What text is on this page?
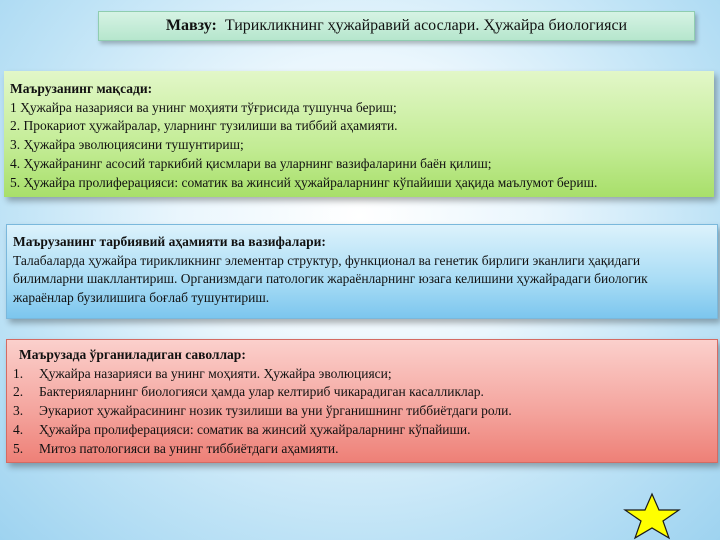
Мавзу: Тирикликнинг ҳужайравий асослари. Ҳужайра биологияси
Маърузанинг мақсади:
1 Ҳужайра назарияси ва унинг моҳияти тўғрисида тушунча бериш;
2. Прокариот ҳужайралар, уларнинг тузилиши ва тиббий аҳамияти.
3. Ҳужайра эволюциясини тушунтириш;
4. Ҳужайранинг асосий таркибий қисмлари ва уларнинг вазифаларини баён қилиш;
5. Ҳужайра пролиферацияси: соматик ва жинсий ҳужайраларнинг кўпайиши ҳақида маълумот бериш.
Маърузанинг тарбиявий аҳамияти ва вазифалари:
Талабаларда ҳужайра тирикликнинг элементар структур, функционал ва генетик бирлиги эканлиги ҳақидаги билимларни шакллантириш. Организмдаги патологик жараёнларнинг юзага келишини ҳужайрадаги биологик жараёнлар бузилишига боғлаб тушунтириш.
Маърузада ўрганиладиган саволлар:
1.	Ҳужайра назарияси ва унинг моҳияти. Ҳужайра эволюцияси;
2.	Бактерияларнинг биологияси ҳамда улар келтириб чикарадиган касалликлар.
3.	Эукариот ҳужайрасининг нозик тузилиши ва уни ўрганишнинг тиббиётдаги роли.
4.	Ҳужайра пролиферацияси: соматик ва жинсий ҳужайраларнинг кўпайиши.
5.	Митоз патологияси ва унинг тиббиётдаги аҳамияти.
